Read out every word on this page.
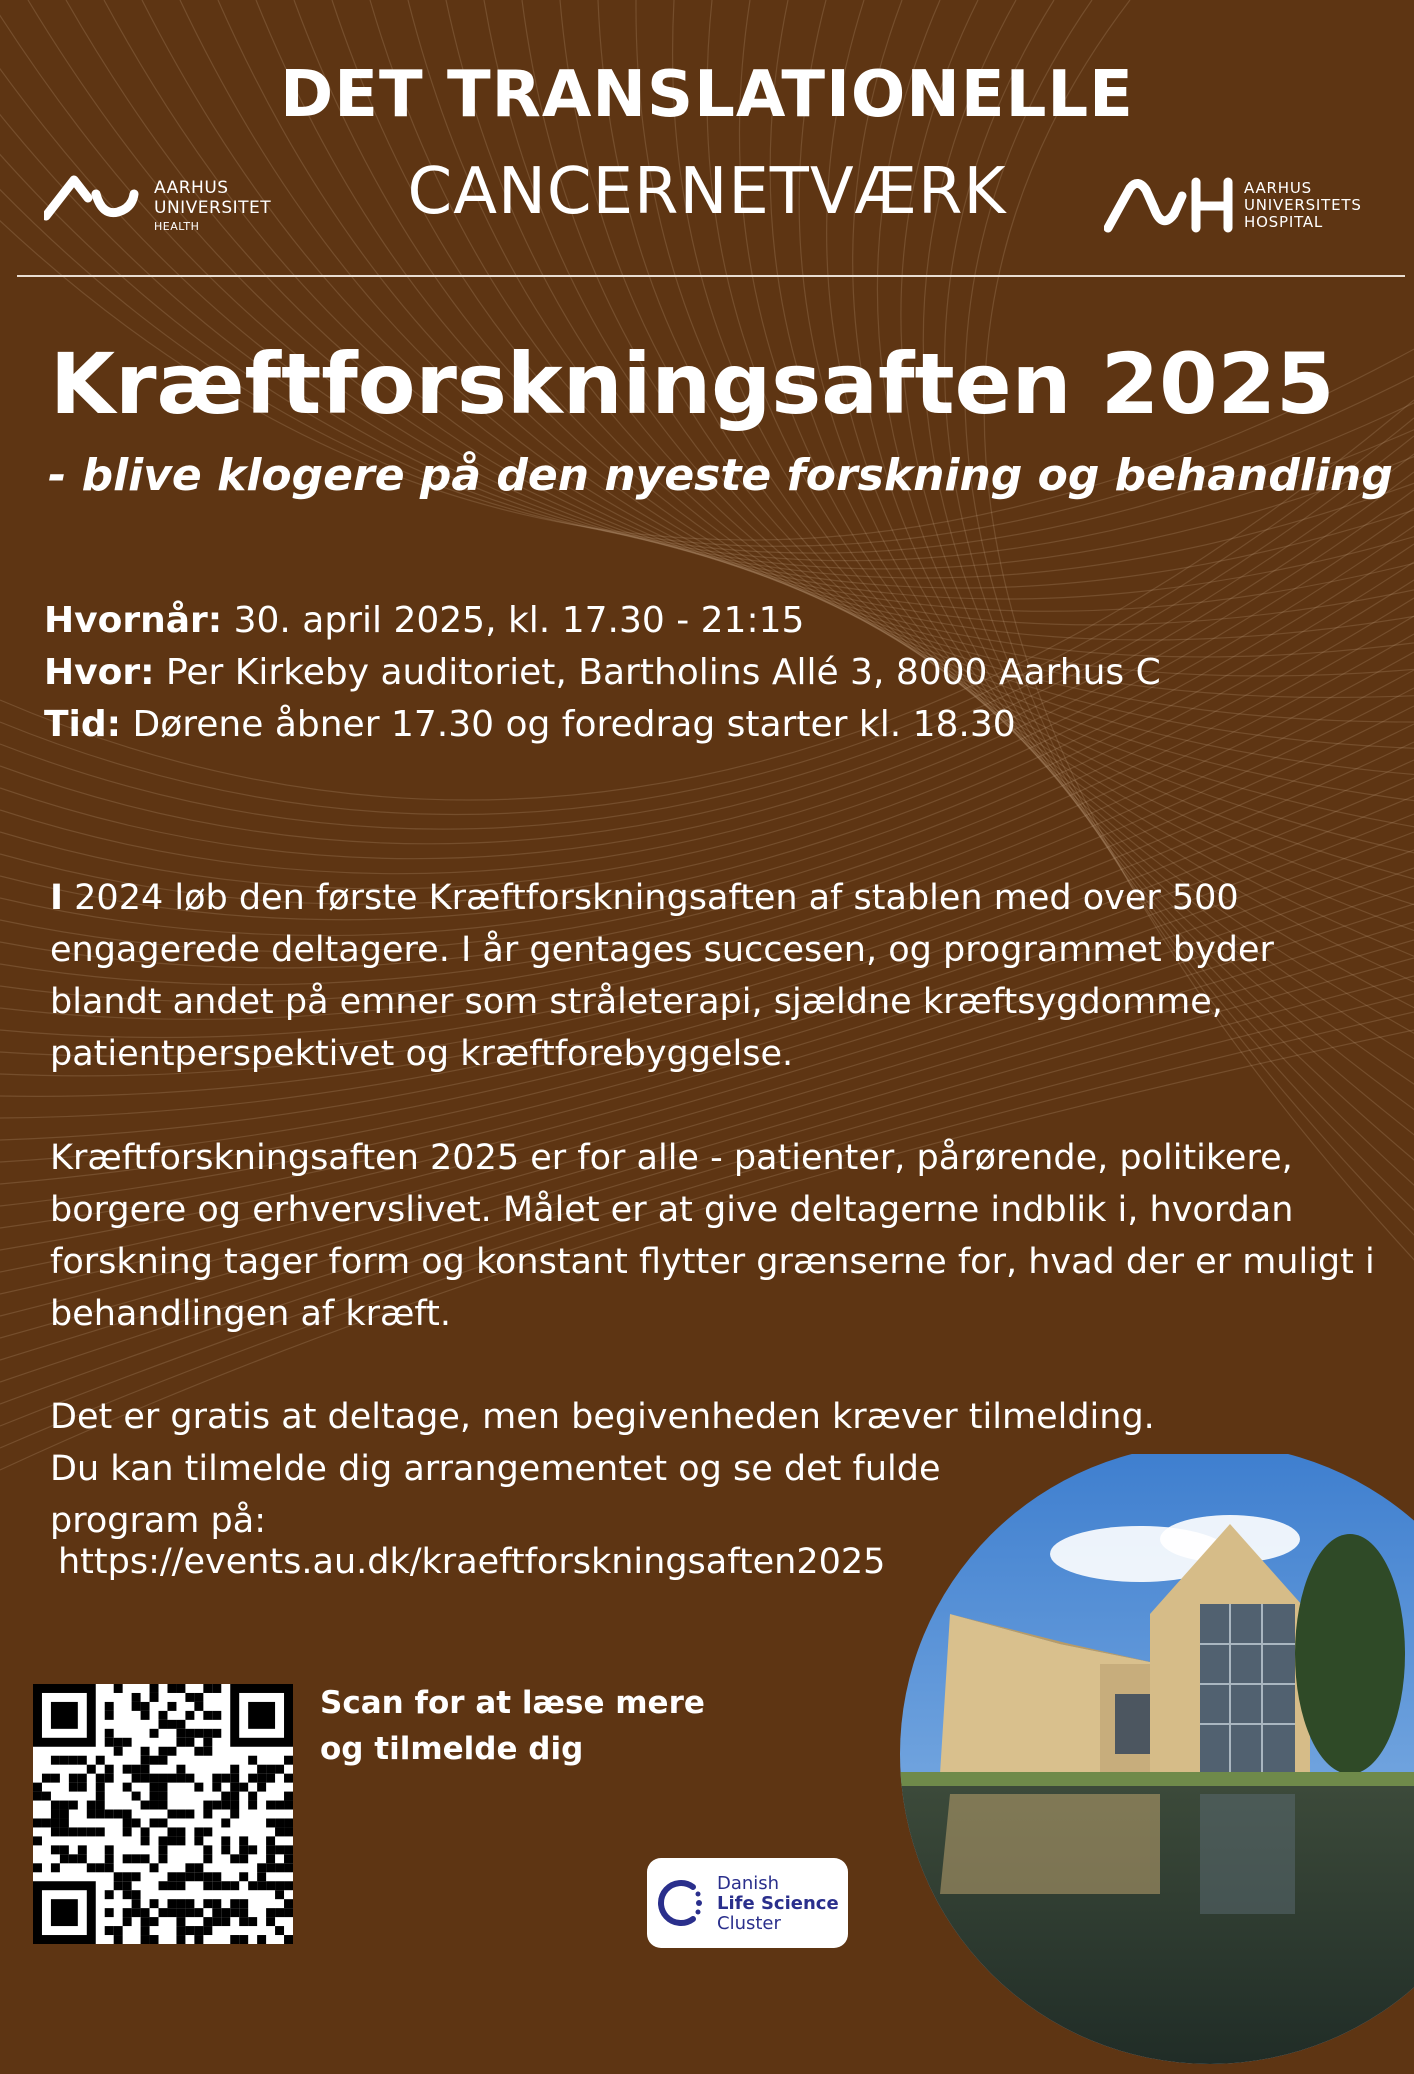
DET TRANSLATIONELLE
CANCERNETVÆRK
AARHUS
UNIVERSITET
HEALTH
AARHUS
UNIVERSITETS
HOSPITAL
Kræftforskningsaften 2025
- blive klogere på den nyeste forskning og behandling
Hvornår: 30. april 2025, kl. 17.30 - 21:15
Hvor: Per Kirkeby auditoriet, Bartholins Allé 3, 8000 Aarhus C
Tid: Dørene åbner 17.30 og foredrag starter kl. 18.30
I 2024 løb den første Kræftforskningsaften af stablen med over 500 engagerede deltagere. I år gentages succesen, og programmet byder blandt andet på emner som stråleterapi, sjældne kræftsygdomme, patientperspektivet og kræftforebyggelse.
Kræftforskningsaften 2025 er for alle - patienter, pårørende, politikere, borgere og erhvervslivet. Målet er at give deltagerne indblik i, hvordan forskning tager form og konstant flytter grænserne for, hvad der er muligt i behandlingen af kræft.
Det er gratis at deltage, men begivenheden kræver tilmelding.
Du kan tilmelde dig arrangementet og se det fulde
program på:
https://events.au.dk/kraeftforskningsaften2025
Scan for at læse mere
og tilmelde dig
Danish
Life Science
Cluster
